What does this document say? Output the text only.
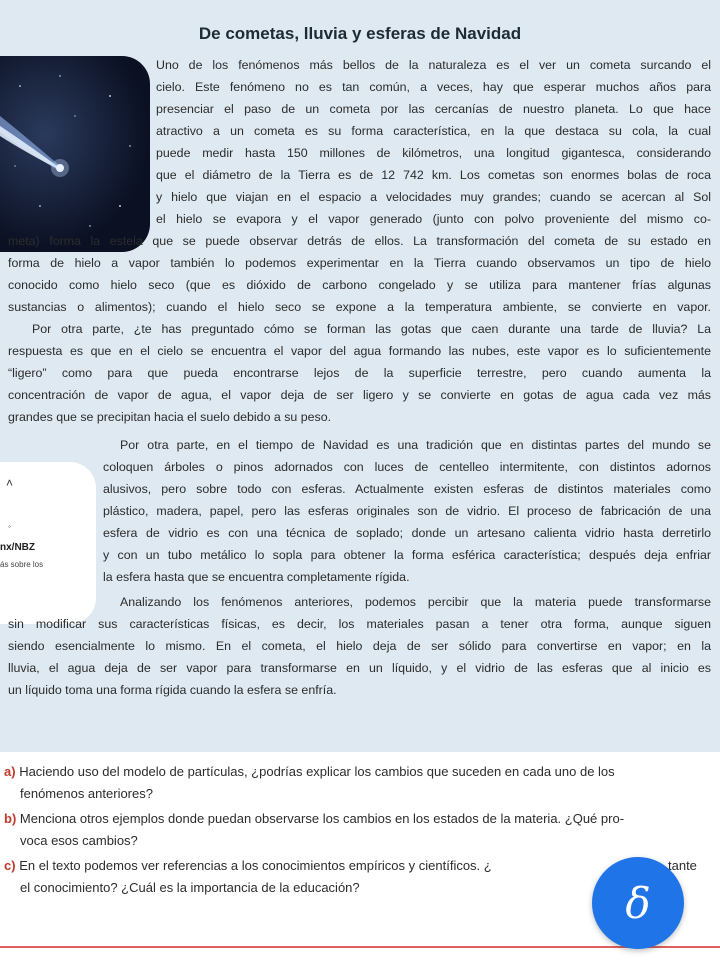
De cometas, lluvia y esferas de Navidad
˄
◦
nx/NBZ
ás sobre los
Uno de los fenómenos más bellos de la naturaleza es el ver un cometa surcando el
cielo. Este fenómeno no es tan común, a veces, hay que esperar muchos años para
presenciar el paso de un cometa por las cercanías de nuestro planeta. Lo que hace
atractivo a un cometa es su forma característica, en la que destaca su cola, la cual
puede medir hasta 150 millones de kilómetros, una longitud gigantesca, considerando
que el diámetro de la Tierra es de 12 742 km. Los cometas son enormes bolas de roca
y hielo que viajan en el espacio a velocidades muy grandes; cuando se acercan al Sol
el hielo se evapora y el vapor generado (junto con polvo proveniente del mismo co-
meta) forma la estela que se puede observar detrás de ellos. La transformación del cometa de su estado en
forma de hielo a vapor también lo podemos experimentar en la Tierra cuando observamos un tipo de hielo
conocido como hielo seco (que es dióxido de carbono congelado y se utiliza para mantener frías algunas
sustancias o alimentos); cuando el hielo seco se expone a la temperatura ambiente, se convierte en vapor.
Por otra parte, ¿te has preguntado cómo se forman las gotas que caen durante una tarde de lluvia? La
respuesta es que en el cielo se encuentra el vapor del agua formando las nubes, este vapor es lo suficientemente
“ligero” como para que pueda encontrarse lejos de la superficie terrestre, pero cuando aumenta la
concentración de vapor de agua, el vapor deja de ser ligero y se convierte en gotas de agua cada vez más
grandes que se precipitan hacia el suelo debido a su peso.
Por otra parte, en el tiempo de Navidad es una tradición que en distintas partes del mundo se
coloquen árboles o pinos adornados con luces de centelleo intermitente, con distintos adornos
alusivos, pero sobre todo con esferas. Actualmente existen esferas de distintos materiales como
plástico, madera, papel, pero las esferas originales son de vidrio. El proceso de fabricación de una
esfera de vidrio es con una técnica de soplado; donde un artesano calienta vidrio hasta derretirlo
y con un tubo metálico lo sopla para obtener la forma esférica característica; después deja enfriar
la esfera hasta que se encuentra completamente rígida.
Analizando los fenómenos anteriores, podemos percibir que la materia puede transformarse
sin modificar sus características físicas, es decir, los materiales pasan a tener otra forma, aunque siguen
siendo esencialmente lo mismo. En el cometa, el hielo deja de ser sólido para convertirse en vapor; en la
lluvia, el agua deja de ser vapor para transformarse en un líquido, y el vidrio de las esferas que al inicio es
un líquido toma una forma rígida cuando la esfera se enfría.
a) Haciendo uso del modelo de partículas, ¿podrías explicar los cambios que suceden en cada uno de los
fenómenos anteriores?
b) Menciona otros ejemplos donde puedan observarse los cambios en los estados de la materia. ¿Qué pro-
voca esos cambios?
c) En el texto podemos ver referencias a los conocimientos empíricos y científicos. ¿	tante
el conocimiento? ¿Cuál es la importancia de la educación?	ẟ
